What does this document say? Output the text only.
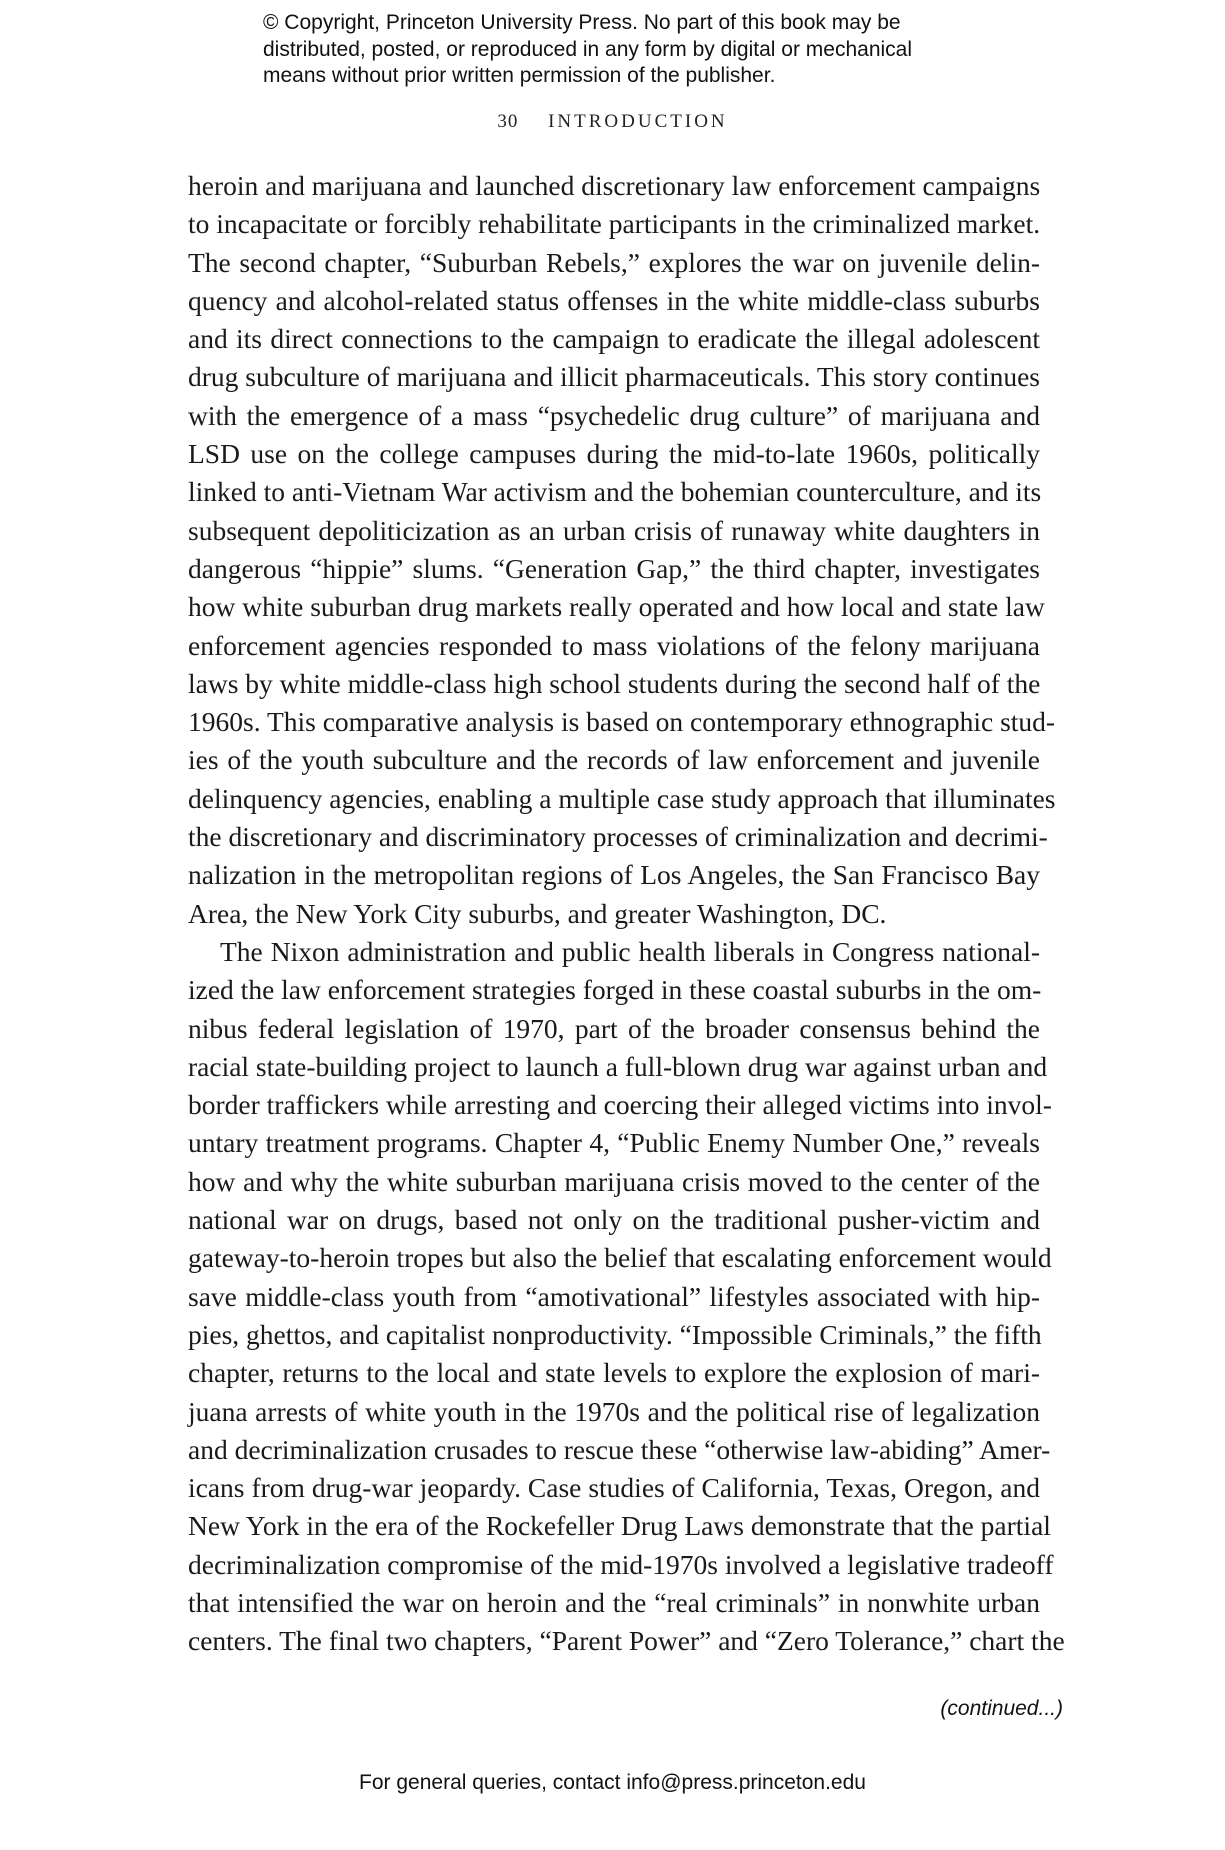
© Copyright, Princeton University Press. No part of this book may be
distributed, posted, or reproduced in any form by digital or mechanical
means without prior written permission of the publisher.
30 INTRODUCTION
heroin and marijuana and launched discretionary law enforcement campaigns
to incapacitate or forcibly rehabilitate participants in the criminalized market.
The second chapter, “Suburban Rebels,” explores the war on juvenile delin-
quency and alcohol-related status offenses in the white middle-class suburbs
and its direct connections to the campaign to eradicate the illegal adolescent
drug subculture of marijuana and illicit pharmaceuticals. This story continues
with the emergence of a mass “psychedelic drug culture” of marijuana and
LSD use on the college campuses during the mid-to-late 1960s, politically
linked to anti-Vietnam War activism and the bohemian counterculture, and its
subsequent depoliticization as an urban crisis of runaway white daughters in
dangerous “hippie” slums. “Generation Gap,” the third chapter, investigates
how white suburban drug markets really operated and how local and state law
enforcement agencies responded to mass violations of the felony marijuana
laws by white middle-class high school students during the second half of the
1960s. This comparative analysis is based on contemporary ethnographic stud-
ies of the youth subculture and the records of law enforcement and juvenile
delinquency agencies, enabling a multiple case study approach that illuminates
the discretionary and discriminatory processes of criminalization and decrimi-
nalization in the metropolitan regions of Los Angeles, the San Francisco Bay
Area, the New York City suburbs, and greater Washington, DC.
The Nixon administration and public health liberals in Congress national-
ized the law enforcement strategies forged in these coastal suburbs in the om-
nibus federal legislation of 1970, part of the broader consensus behind the
racial state-building project to launch a full-blown drug war against urban and
border traffickers while arresting and coercing their alleged victims into invol-
untary treatment programs. Chapter 4, “Public Enemy Number One,” reveals
how and why the white suburban marijuana crisis moved to the center of the
national war on drugs, based not only on the traditional pusher-victim and
gateway-to-heroin tropes but also the belief that escalating enforcement would
save middle-class youth from “amotivational” lifestyles associated with hip-
pies, ghettos, and capitalist nonproductivity. “Impossible Criminals,” the fifth
chapter, returns to the local and state levels to explore the explosion of mari-
juana arrests of white youth in the 1970s and the political rise of legalization
and decriminalization crusades to rescue these “otherwise law-abiding” Amer-
icans from drug-war jeopardy. Case studies of California, Texas, Oregon, and
New York in the era of the Rockefeller Drug Laws demonstrate that the partial
decriminalization compromise of the mid-1970s involved a legislative tradeoff
that intensified the war on heroin and the “real criminals” in nonwhite urban
centers. The final two chapters, “Parent Power” and “Zero Tolerance,” chart the
(continued...)
For general queries, contact info@press.princeton.edu
